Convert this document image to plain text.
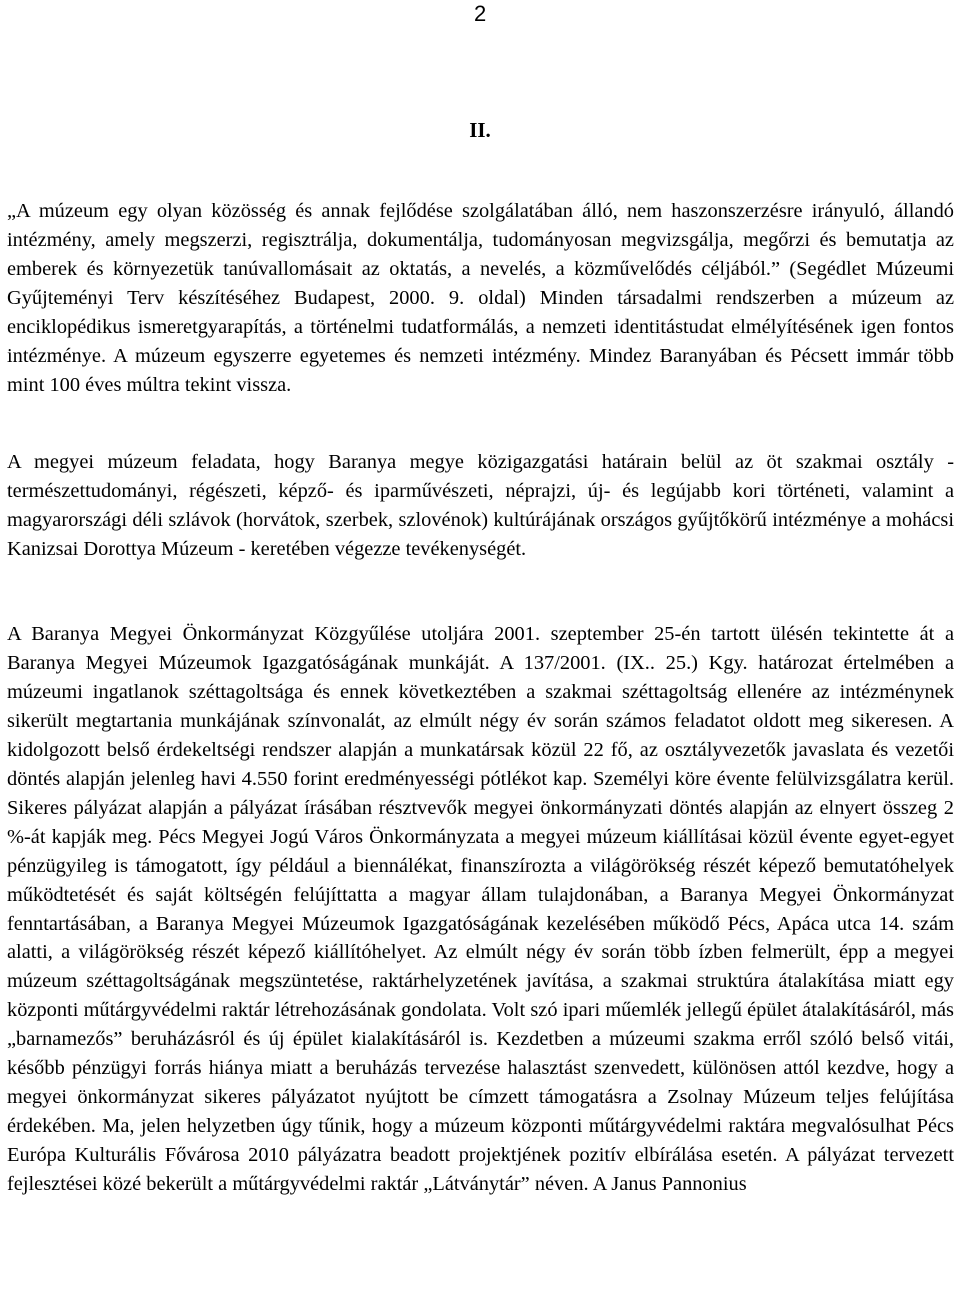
2
II.

„A múzeum egy olyan közösség és annak fejlődése szolgálatában álló, nem haszonszerzésre irányuló, állandó intézmény, amely megszerzi, regisztrálja, dokumentálja, tudományosan megvizsgálja, megőrzi és bemutatja az emberek és környezetük tanúvallomásait az oktatás, a nevelés, a közművelődés céljából.” (Segédlet Múzeumi Gyűjteményi Terv készítéséhez Budapest, 2000. 9. oldal) Minden társadalmi rendszerben a múzeum az enciklopédikus ismeretgyarapítás, a történelmi tudatformálás, a nemzeti identitástudat elmélyítésének igen fontos intézménye. A múzeum egyszerre egyetemes és nemzeti intézmény. Mindez Baranyában és Pécsett immár több mint 100 éves múltra tekint vissza.

A megyei múzeum feladata, hogy Baranya megye közigazgatási határain belül az öt szakmai osztály - természettudományi, régészeti, képző- és iparművészeti, néprajzi, új- és legújabb kori történeti, valamint a magyarországi déli szlávok (horvátok, szerbek, szlovénok) kultúrájának országos gyűjtőkörű intézménye a mohácsi Kanizsai Dorottya Múzeum - keretében végezze tevékenységét.

A Baranya Megyei Önkormányzat Közgyűlése utoljára 2001. szeptember 25-én tartott ülésén tekintette át a Baranya Megyei Múzeumok Igazgatóságának munkáját. A 137/2001. (IX.. 25.) Kgy. határozat értelmében a múzeumi ingatlanok széttagoltsága és ennek következtében a szakmai széttagoltság ellenére az intézménynek sikerült megtartania munkájának színvonalát, az elmúlt négy év során számos feladatot oldott meg sikeresen. A kidolgozott belső érdekeltségi rendszer alapján a munkatársak közül 22 fő, az osztályvezetők javaslata és vezetői döntés alapján jelenleg havi 4.550 forint eredményességi pótlékot kap. Személyi köre évente felülvizsgálatra kerül. Sikeres pályázat alapján a pályázat írásában résztvevők megyei önkormányzati döntés alapján az elnyert összeg 2 %-át kapják meg. Pécs Megyei Jogú Város Önkormányzata a megyei múzeum kiállításai közül évente egyet-egyet pénzügyileg is támogatott, így például a biennálékat, finanszírozta a világörökség részét képező bemutatóhelyek működtetését és saját költségén felújíttatta a magyar állam tulajdonában, a Baranya Megyei Önkormányzat fenntartásában, a Baranya Megyei Múzeumok Igazgatóságának kezelésében működő Pécs, Apáca utca 14. szám alatti, a világörökség részét képező kiállítóhelyet. Az elmúlt négy év során több ízben felmerült, épp a megyei múzeum széttagoltságának megszüntetése, raktárhelyzetének javítása, a szakmai struktúra átalakítása miatt egy központi műtárgyvédelmi raktár létrehozásának gondolata. Volt szó ipari műemlék jellegű épület átalakításáról, más „barnamezős” beruházásról és új épület kialakításáról is. Kezdetben a múzeumi szakma erről szóló belső vitái, később pénzügyi forrás hiánya miatt a beruházás tervezése halasztást szenvedett, különösen attól kezdve, hogy a megyei önkormányzat sikeres pályázatot nyújtott be címzett támogatásra a Zsolnay Múzeum teljes felújítása érdekében. Ma, jelen helyzetben úgy tűnik, hogy a múzeum központi műtárgyvédelmi raktára megvalósulhat Pécs Európa Kulturális Fővárosa 2010 pályázatra beadott projektjének pozitív elbírálása esetén. A pályázat tervezett fejlesztései közé bekerült a műtárgyvédelmi raktár „Látványtár” néven. A Janus Pannonius
